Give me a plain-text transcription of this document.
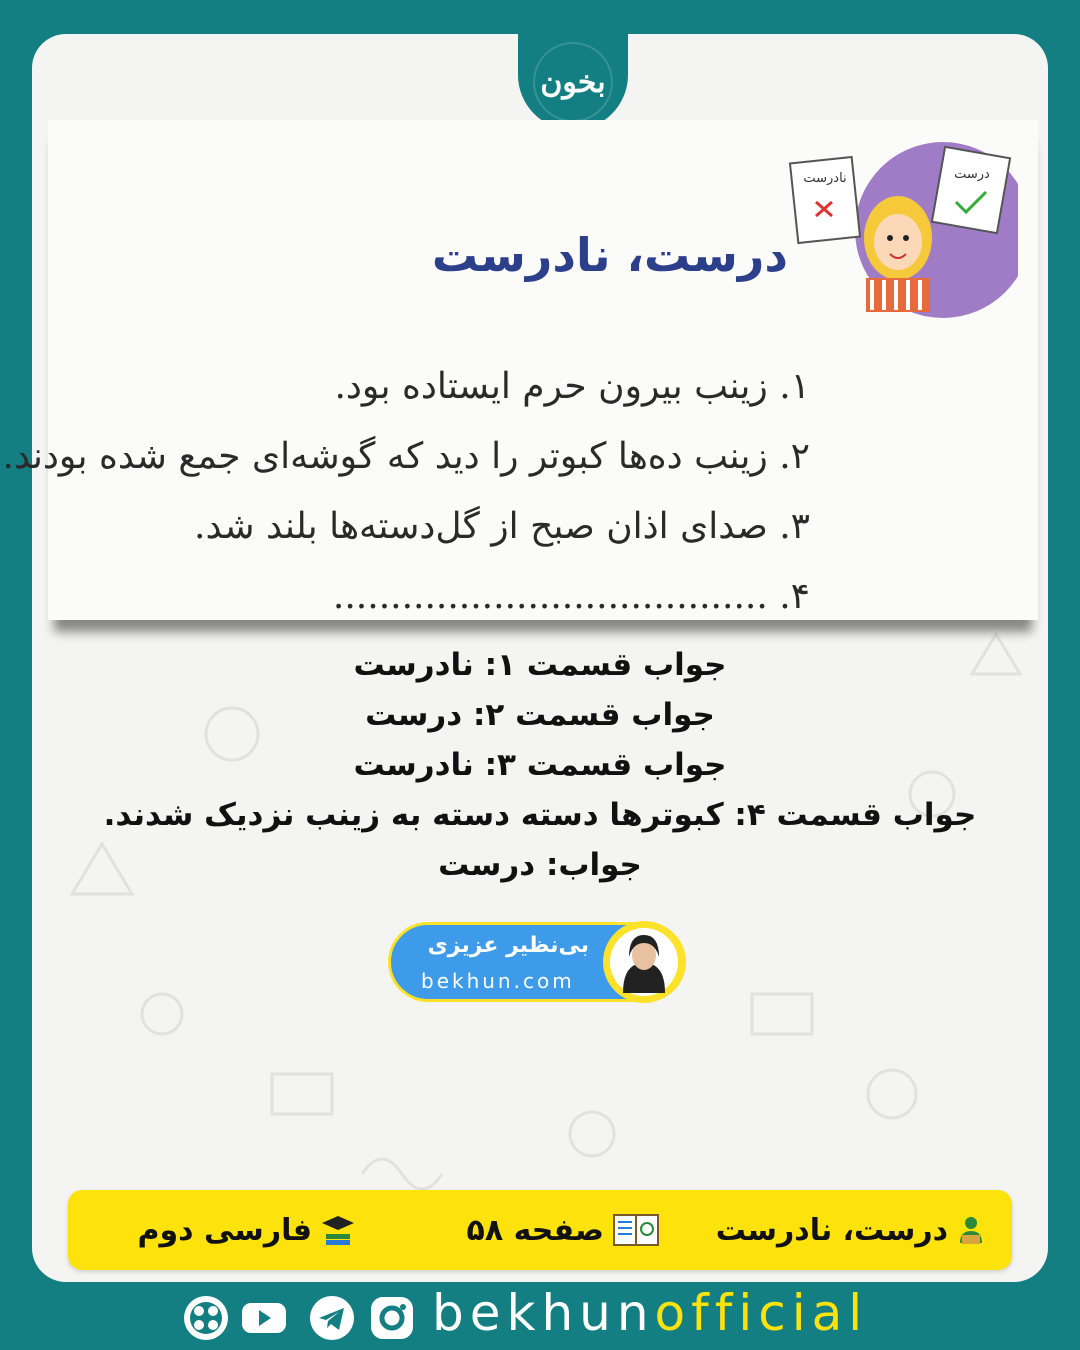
بخون
نادرست	درست
درست، نادرست
۱. زینب بیرون حرم ایستاده بود.
۲. زینب ده‌ها کبوتر را دید که گوشه‌ای جمع شده بودند.
۳. صدای اذان صبح از گل‌دسته‌ها بلند شد.
۴. ......................................
جواب قسمت ۱: نادرست
جواب قسمت ۲: درست
جواب قسمت ۳: نادرست
جواب قسمت ۴: کبوترها دسته دسته به زینب نزدیک شدند.
جواب: درست
بی‌نظیر عزیزی
bekhun.com
درست، نادرست
صفحه ۵۸
فارسی دوم
bekhunofficial
